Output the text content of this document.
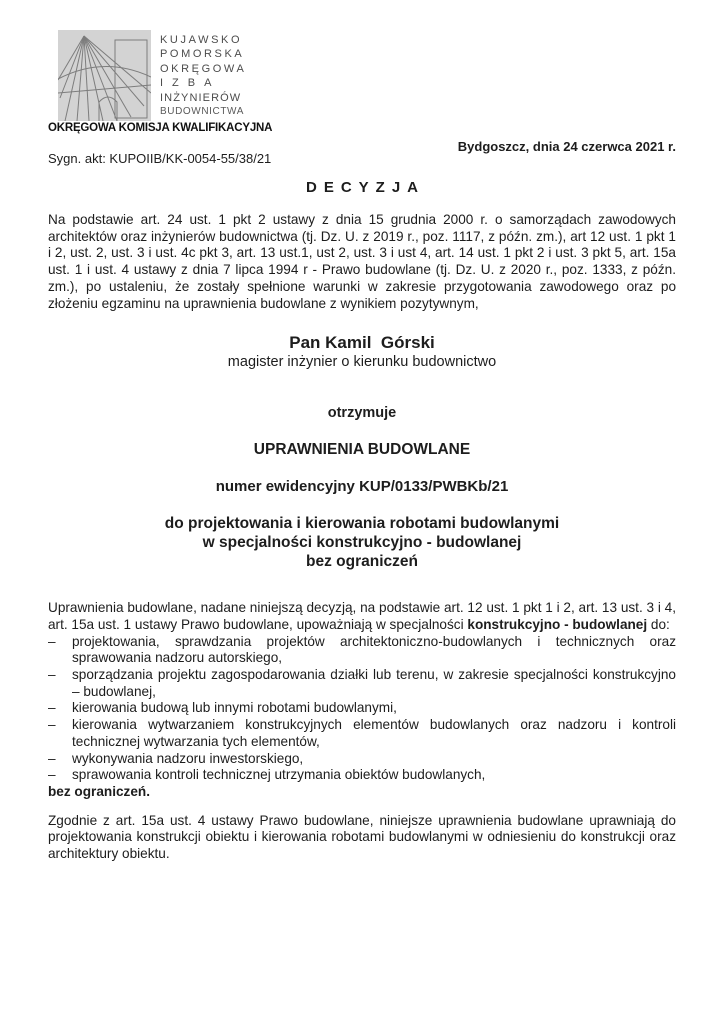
KUJAWSKO
POMORSKA
OKRĘGOWA
IZBA
INŻYNIERÓW
BUDOWNICTWA
OKRĘGOWA KOMISJA KWALIFIKACYJNA
Bydgoszcz, dnia 24 czerwca 2021 r.
Sygn. akt: KUPOIIB/KK-0054-55/38/21
DECYZJA

Na podstawie art. 24 ust. 1 pkt 2 ustawy z dnia 15 grudnia 2000 r. o samorządach zawodowych architektów oraz inżynierów budownictwa (tj. Dz. U. z 2019 r., poz. 1117, z późn. zm.), art 12 ust. 1 pkt 1 i 2, ust. 2, ust. 3 i ust. 4c pkt 3, art. 13 ust.1, ust 2, ust. 3 i ust 4, art. 14 ust. 1 pkt 2 i ust. 3 pkt 5, art. 15a ust. 1 i ust. 4 ustawy z dnia 7 lipca 1994 r - Prawo budowlane (tj. Dz. U. z 2020 r., poz. 1333, z późn. zm.), po ustaleniu, że zostały spełnione warunki w zakresie przygotowania zawodowego oraz po złożeniu egzaminu na uprawnienia budowlane z wynikiem pozytywnym,

Pan Kamil  Górski
magister inżynier o kierunku budownictwo
otrzymuje
UPRAWNIENIA BUDOWLANE
numer ewidencyjny KUP/0133/PWBKb/21
do projektowania i kierowania robotami budowlanymi
w specjalności konstrukcyjno - budowlanej
bez ograniczeń
Uprawnienia budowlane, nadane niniejszą decyzją, na podstawie art. 12 ust. 1 pkt 1 i 2, art. 13 ust. 3 i 4, art. 15a ust. 1 ustawy Prawo budowlane, upoważniają w specjalności konstrukcyjno - budowlanej do:
–	projektowania, sprawdzania projektów architektoniczno-budowlanych i technicznych oraz sprawowania nadzoru autorskiego,
–	sporządzania projektu zagospodarowania działki lub terenu, w zakresie specjalności konstrukcyjno – budowlanej,
–	kierowania budową lub innymi robotami budowlanymi,
–	kierowania wytwarzaniem konstrukcyjnych elementów budowlanych oraz nadzoru i kontroli technicznej wytwarzania tych elementów,
–	wykonywania nadzoru inwestorskiego,
–	sprawowania kontroli technicznej utrzymania obiektów budowlanych,
bez ograniczeń.

Zgodnie z art. 15a ust. 4 ustawy Prawo budowlane, niniejsze uprawnienia budowlane uprawniają do projektowania konstrukcji obiektu i kierowania robotami budowlanymi w odniesieniu do konstrukcji oraz architektury obiektu.
